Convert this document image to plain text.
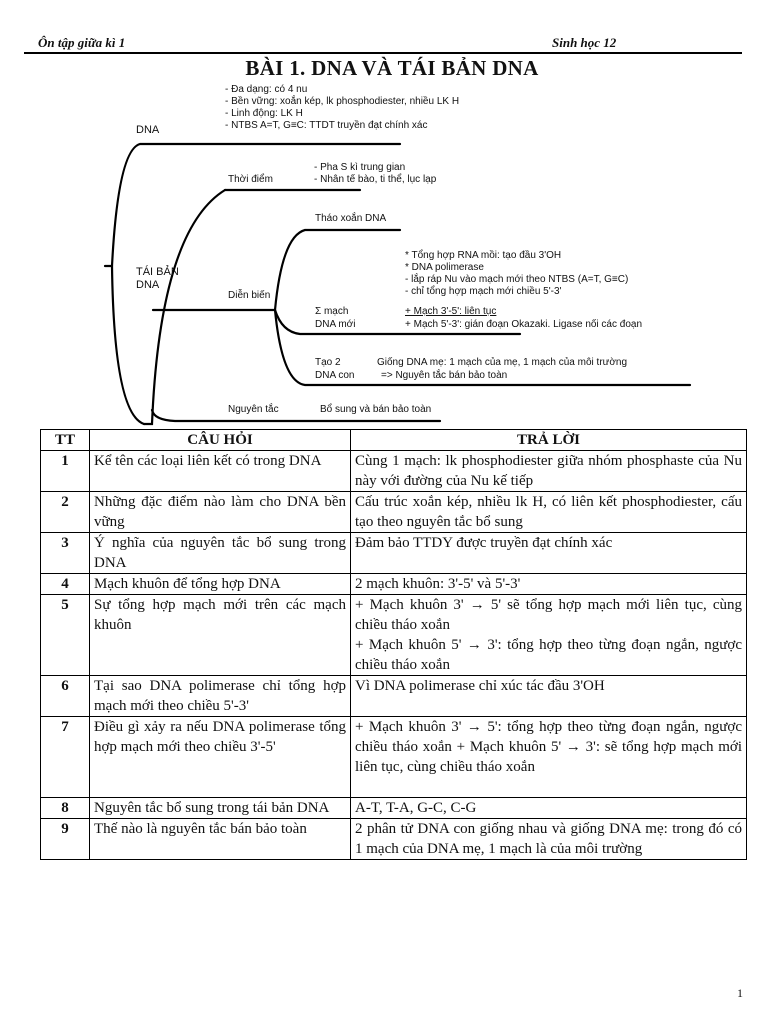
Ôn tập giữa kì 1	Sinh học 12
BÀI 1. DNA VÀ TÁI BẢN DNA
- Đa dạng: có 4 nu
- Bền vững: xoắn kép, lk phosphodiester, nhiều LK H
- Linh động: LK H
- NTBS A=T, G≡C: TTDT truyền đạt chính xác
DNA
Thời điểm
- Pha S kì trung gian
- Nhân tế bào, ti thể, lục lạp
TÁI BẢN
DNA
Diễn biến
Tháo xoắn DNA
* Tổng hợp RNA mồi: tạo đầu 3'OH
* DNA polimerase
- lắp ráp Nu vào mạch mới theo NTBS (A=T, G≡C)
- chỉ tổng hợp mạch mới chiều 5'-3'
+ Mạch 3'-5': liên tục
+ Mạch 5'-3': gián đoạn Okazaki. Ligase nối các đoạn
Σ mạch
DNA mới
Tạo 2
DNA con
Giống DNA mẹ: 1 mạch của mẹ, 1 mạch của môi trường
=> Nguyên tắc bán bảo toàn
Nguyên tắc	Bổ sung và bán bảo toàn
TT	CÂU HỎI	TRẢ LỜI
1	Kể tên các loại liên kết có trong DNA	Cùng 1 mạch: lk phosphodiester giữa nhóm phosphaste của Nu này với đường của Nu kế tiếp

2	Những đặc điểm nào làm cho DNA bền vững	Cấu trúc xoắn kép, nhiều lk H, có liên kết phosphodiester, cấu tạo theo nguyên tắc bổ sung

3	Ý nghĩa của nguyên tắc bổ sung trong DNA	Đảm bảo TTDY được truyền đạt chính xác

4	Mạch khuôn để tổng hợp DNA	2 mạch khuôn: 3'-5' và 5'-3'

5	Sự tổng hợp mạch mới trên các mạch khuôn	+ Mạch khuôn 3' → 5' sẽ tổng hợp mạch mới liên tục, cùng chiều tháo xoắn
+ Mạch khuôn 5' → 3': tổng hợp theo từng đoạn ngắn, ngược chiều tháo xoắn

6	Tại sao DNA polimerase chỉ tổng hợp mạch mới theo chiều 5'-3'	Vì DNA polimerase chỉ xúc tác đầu 3'OH

7	Điều gì xảy ra nếu DNA polimerase tổng hợp mạch mới theo chiều 3'-5'	+ Mạch khuôn 3' → 5': tổng hợp theo từng đoạn ngắn, ngược chiều tháo xoắn + Mạch khuôn 5' → 3': sẽ tổng hợp mạch mới liên tục, cùng chiều tháo xoắn

8	Nguyên tắc bổ sung trong tái bản DNA	A-T, T-A, G-C, C-G

9	Thế nào là nguyên tắc bán bảo toàn	2 phân tử DNA con giống nhau và giống DNA mẹ: trong đó có 1 mạch của DNA mẹ, 1 mạch là của môi trường
1
